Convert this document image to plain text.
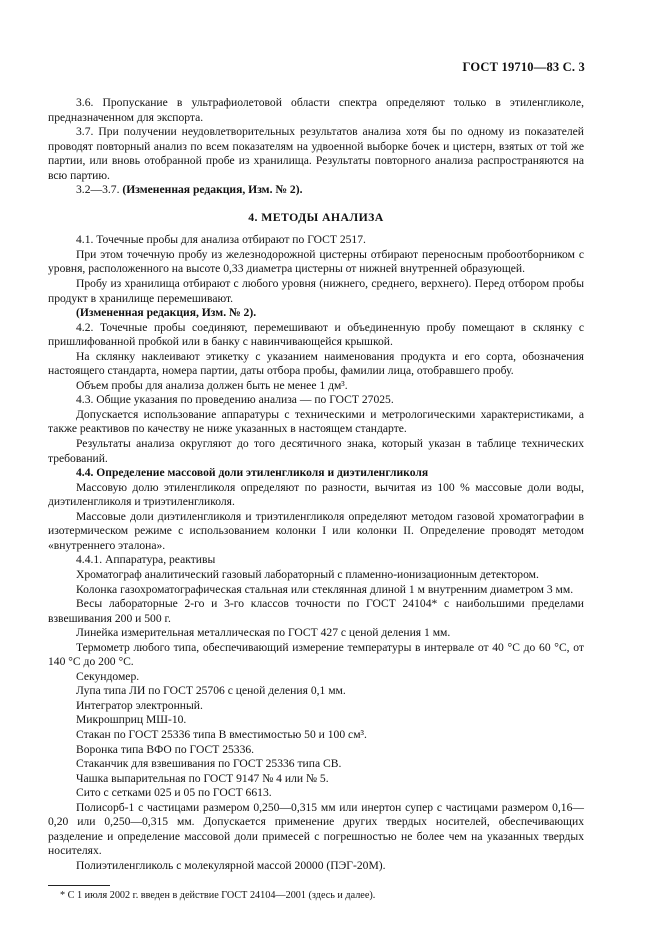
ГОСТ 19710—83 С. 3

3.6. Пропускание в ультрафиолетовой области спектра определяют только в этиленгликоле, предназначенном для экспорта.

3.7. При получении неудовлетворительных результатов анализа хотя бы по одному из показателей проводят повторный анализ по всем показателям на удвоенной выборке бочек и цистерн, взятых от той же партии, или вновь отобранной пробе из хранилища. Результаты повторного анализа распространяются на всю партию.

3.2—3.7. (Измененная редакция, Изм. № 2).

4. МЕТОДЫ АНАЛИЗА

4.1. Точечные пробы для анализа отбирают по ГОСТ 2517.

При этом точечную пробу из железнодорожной цистерны отбирают переносным пробоотборником с уровня, расположенного на высоте 0,33 диаметра цистерны от нижней внутренней образующей.

Пробу из хранилища отбирают с любого уровня (нижнего, среднего, верхнего). Перед отбором пробы продукт в хранилище перемешивают.

(Измененная редакция, Изм. № 2).

4.2. Точечные пробы соединяют, перемешивают и объединенную пробу помещают в склянку с пришлифованной пробкой или в банку с навинчивающейся крышкой.

На склянку наклеивают этикетку с указанием наименования продукта и его сорта, обозначения настоящего стандарта, номера партии, даты отбора пробы, фамилии лица, отобравшего пробу.

Объем пробы для анализа должен быть не менее 1 дм³.

4.3. Общие указания по проведению анализа — по ГОСТ 27025.

Допускается использование аппаратуры с техническими и метрологическими характеристиками, а также реактивов по качеству не ниже указанных в настоящем стандарте.

Результаты анализа округляют до того десятичного знака, который указан в таблице технических требований.

4.4. Определение массовой доли этиленгликоля и диэтиленгликоля

Массовую долю этиленгликоля определяют по разности, вычитая из 100 % массовые доли воды, диэтиленгликоля и триэтиленгликоля.

Массовые доли диэтиленгликоля и триэтиленгликоля определяют методом газовой хроматографии в изотермическом режиме с использованием колонки I или колонки II. Определение проводят методом «внутреннего эталона».

4.4.1. Аппаратура, реактивы

Хроматограф аналитический газовый лабораторный с пламенно-ионизационным детектором.

Колонка газохроматографическая стальная или стеклянная длиной 1 м внутренним диаметром 3 мм.

Весы лабораторные 2-го и 3-го классов точности по ГОСТ 24104* с наибольшими пределами взвешивания 200 и 500 г.

Линейка измерительная металлическая по ГОСТ 427 с ценой деления 1 мм.

Термометр любого типа, обеспечивающий измерение температуры в интервале от 40 °С до 60 °С, от 140 °С до 200 °С.

Секундомер.

Лупа типа ЛИ по ГОСТ 25706 с ценой деления 0,1 мм.

Интегратор электронный.

Микрошприц МШ-10.

Стакан по ГОСТ 25336 типа В вместимостью 50 и 100 см³.

Воронка типа ВФО по ГОСТ 25336.

Стаканчик для взвешивания по ГОСТ 25336 типа СВ.

Чашка выпарительная по ГОСТ 9147 № 4 или № 5.

Сито с сетками 025 и 05 по ГОСТ 6613.

Полисорб-1 с частицами размером 0,250—0,315 мм или инертон супер с частицами размером 0,16—0,20 или 0,250—0,315 мм. Допускается применение других твердых носителей, обеспечивающих разделение и определение массовой доли примесей с погрешностью не более чем на указанных твердых носителях.

Полиэтиленгликоль с молекулярной массой 20000 (ПЭГ-20М).

* С 1 июля 2002 г. введен в действие ГОСТ 24104—2001 (здесь и далее).
